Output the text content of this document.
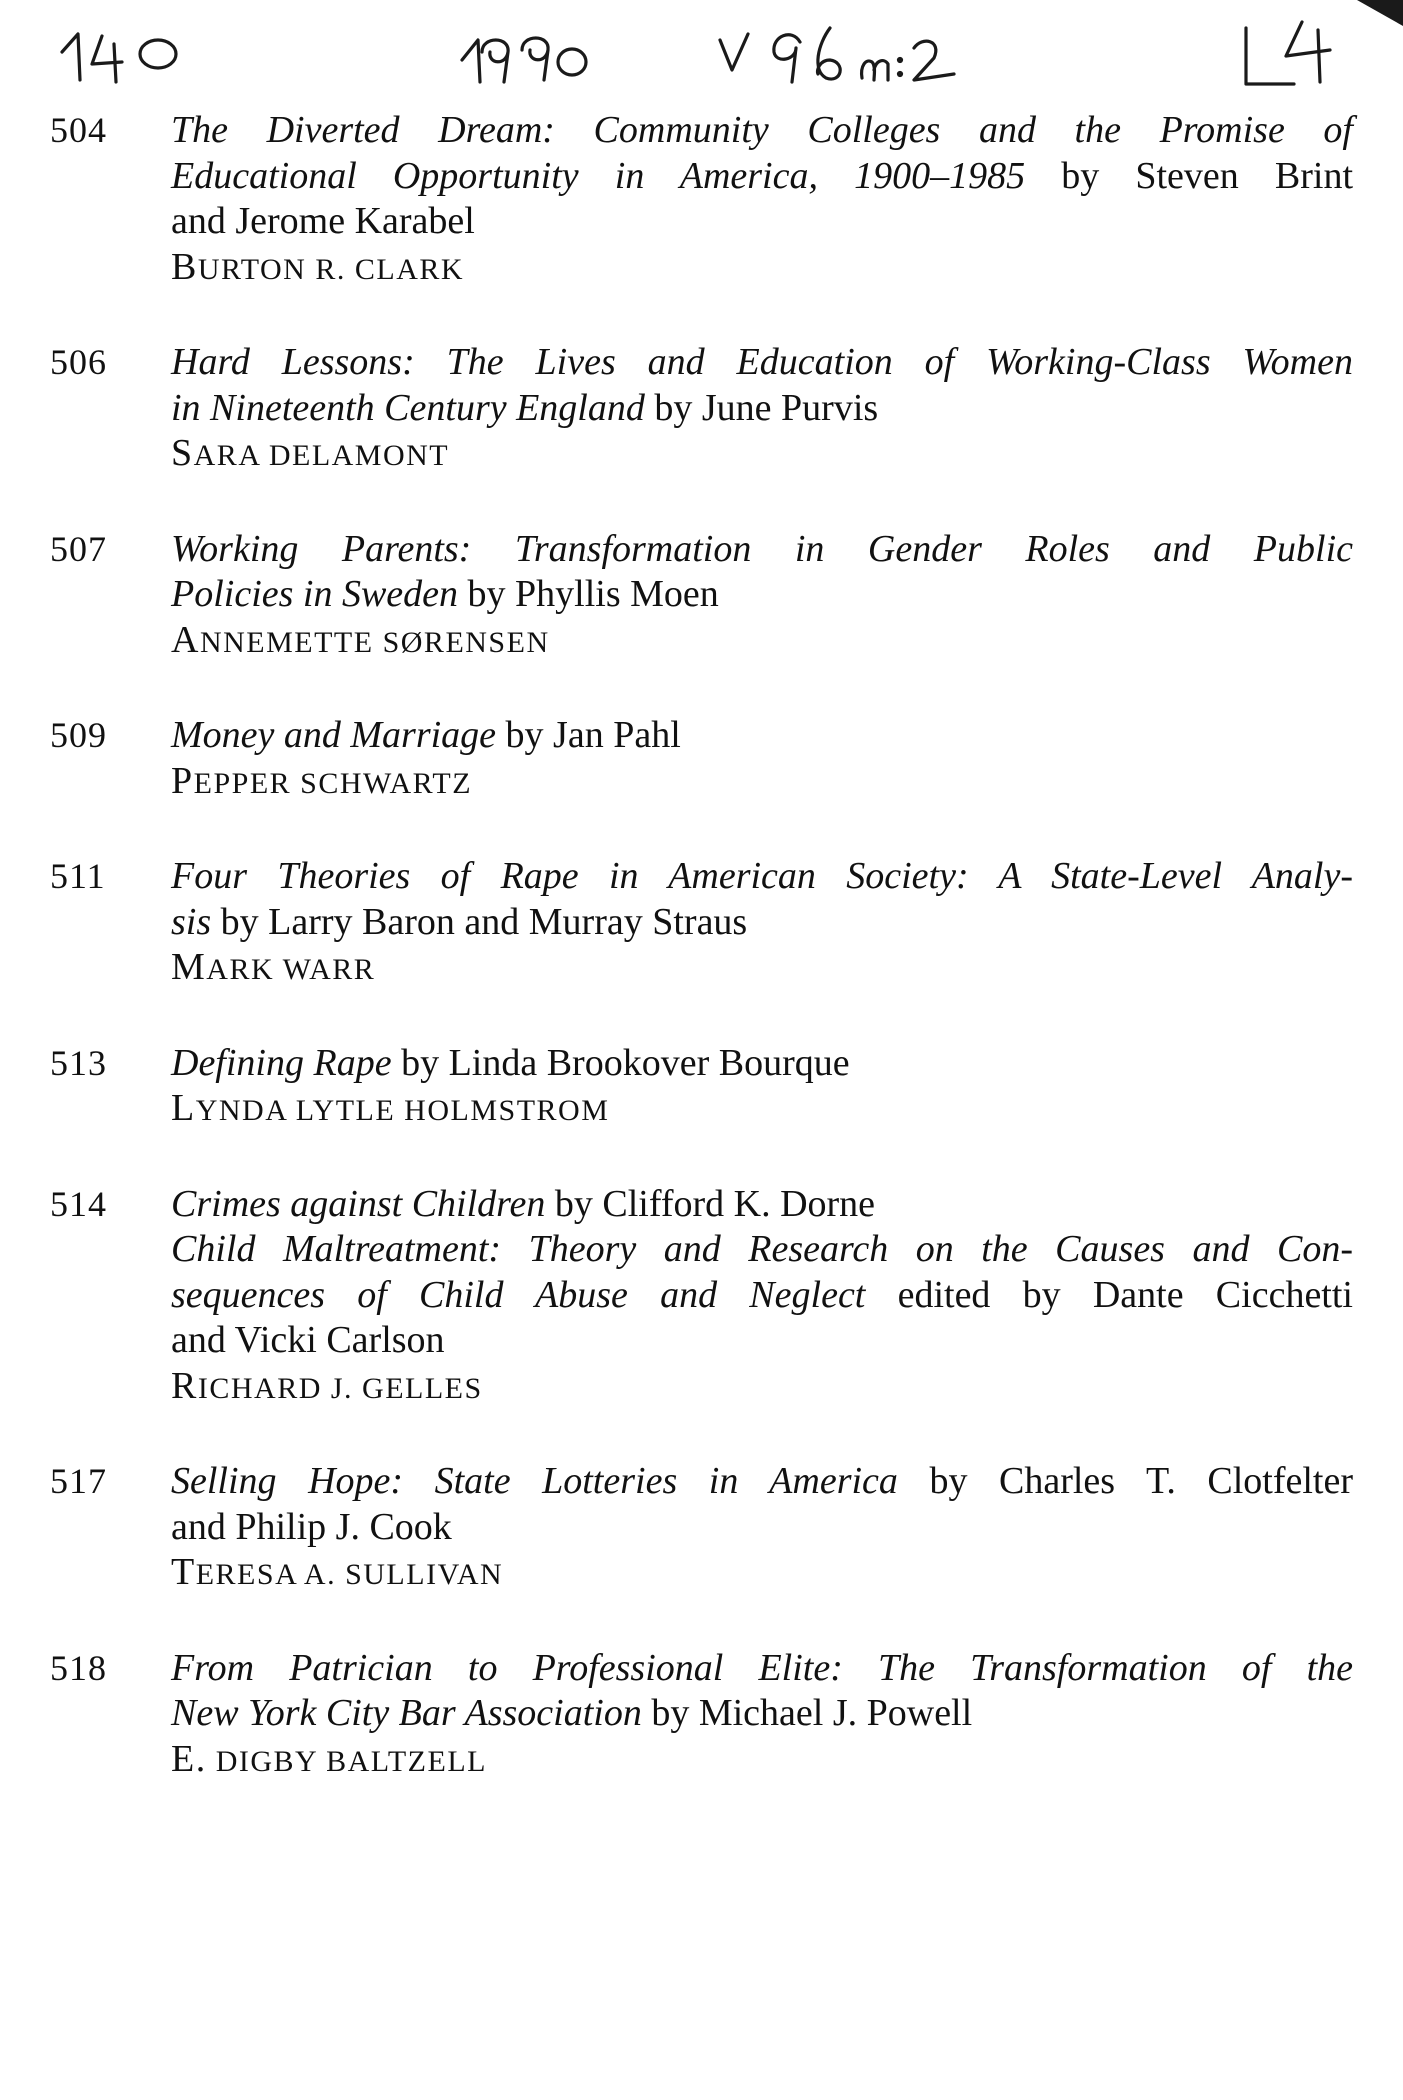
504 The Diverted Dream: Community Colleges and the Promise of
Educational Opportunity in America, 1900–1985 by Steven Brint
and Jerome Karabel
BURTON R. CLARK
506 Hard Lessons: The Lives and Education of Working-Class Women
in Nineteenth Century England by June Purvis
SARA DELAMONT
507 Working Parents: Transformation in Gender Roles and Public
Policies in Sweden by Phyllis Moen
ANNEMETTE SØRENSEN
509 Money and Marriage by Jan Pahl
PEPPER SCHWARTZ
511 Four Theories of Rape in American Society: A State-Level Analy-
sis by Larry Baron and Murray Straus
MARK WARR
513 Defining Rape by Linda Brookover Bourque
LYNDA LYTLE HOLMSTROM
514 Crimes against Children by Clifford K. Dorne
Child Maltreatment: Theory and Research on the Causes and Con-
sequences of Child Abuse and Neglect edited by Dante Cicchetti
and Vicki Carlson
RICHARD J. GELLES
517 Selling Hope: State Lotteries in America by Charles T. Clotfelter
and Philip J. Cook
TERESA A. SULLIVAN
518 From Patrician to Professional Elite: The Transformation of the
New York City Bar Association by Michael J. Powell
E. DIGBY BALTZELL
